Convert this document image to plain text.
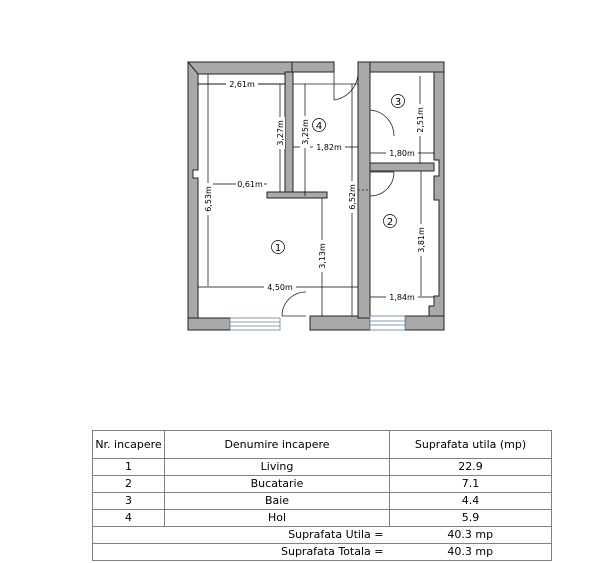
2,61m
6,53m
3,27m
0,61m
3,13m
4,50m
3,25m
1,82m
6,52m
2,51m
1,80m
3,81m
1,84m
1
2
3
4
Nr. incapere	Denumire incapere	Suprafata utila (mp)
1	Living	22.9
2	Bucatarie	7.1
3	Baie	4.4
4	Hol	5.9
Suprafata Utila =		40.3 mp
Suprafata Totala =		40.3 mp
